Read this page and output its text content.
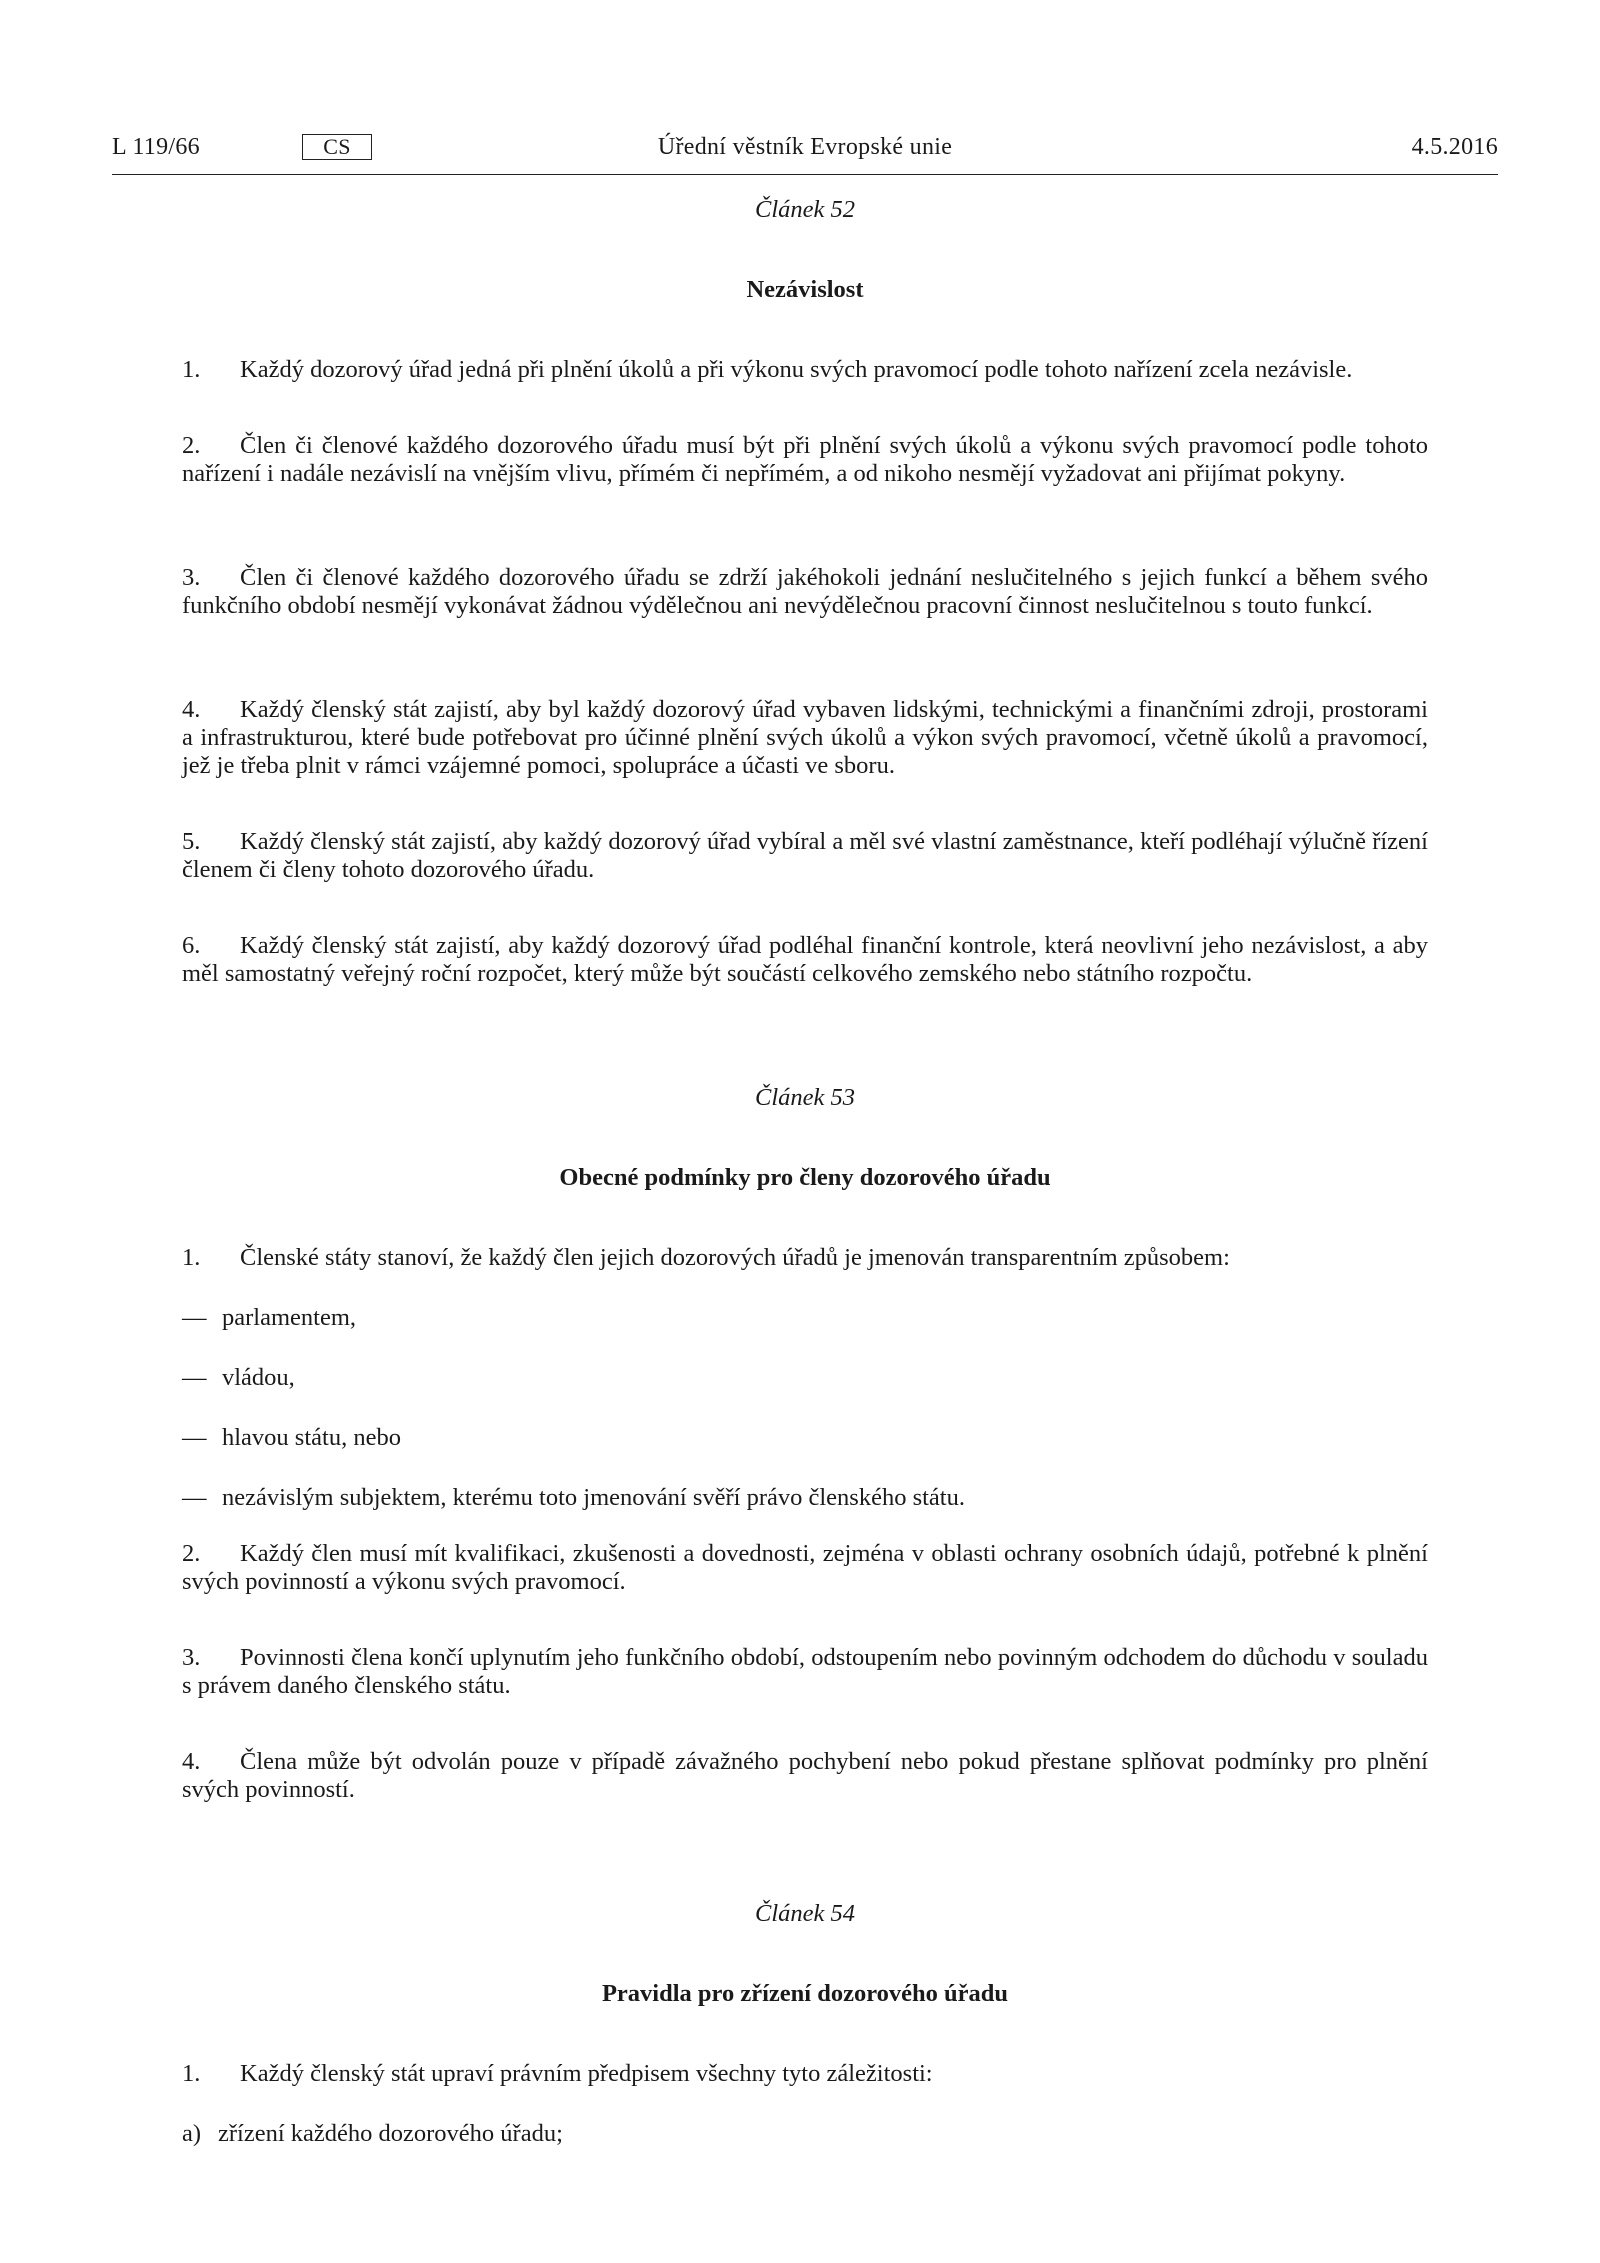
L 119/66	Úřední věstník Evropské unie
CS	4.5.2016

Článek 52

Nezávislost

1. Každý dozorový úřad jedná při plnění úkolů a při výkonu svých pravomocí podle tohoto nařízení zcela nezávisle.

2. Člen či členové každého dozorového úřadu musí být při plnění svých úkolů a výkonu svých pravomocí podle tohoto nařízení i nadále nezávislí na vnějším vlivu, přímém či nepřímém, a od nikoho nesmějí vyžadovat ani přijímat pokyny.

3. Člen či členové každého dozorového úřadu se zdrží jakéhokoli jednání neslučitelného s jejich funkcí a během svého funkčního období nesmějí vykonávat žádnou výdělečnou ani nevýdělečnou pracovní činnost neslučitelnou s touto funkcí.

4. Každý členský stát zajistí, aby byl každý dozorový úřad vybaven lidskými, technickými a finančními zdroji, prostorami a infrastrukturou, které bude potřebovat pro účinné plnění svých úkolů a výkon svých pravomocí, včetně úkolů a pravomocí, jež je třeba plnit v rámci vzájemné pomoci, spolupráce a účasti ve sboru.

5. Každý členský stát zajistí, aby každý dozorový úřad vybíral a měl své vlastní zaměstnance, kteří podléhají výlučně řízení členem či členy tohoto dozorového úřadu.

6. Každý členský stát zajistí, aby každý dozorový úřad podléhal finanční kontrole, která neovlivní jeho nezávislost, a aby měl samostatný veřejný roční rozpočet, který může být součástí celkového zemského nebo státního rozpočtu.

Článek 53

Obecné podmínky pro členy dozorového úřadu

1. Členské státy stanoví, že každý člen jejich dozorových úřadů je jmenován transparentním způsobem:

— parlamentem,

— vládou,

— hlavou státu, nebo

— nezávislým subjektem, kterému toto jmenování svěří právo členského státu.

2. Každý člen musí mít kvalifikaci, zkušenosti a dovednosti, zejména v oblasti ochrany osobních údajů, potřebné k plnění svých povinností a výkonu svých pravomocí.

3. Povinnosti člena končí uplynutím jeho funkčního období, odstoupením nebo povinným odchodem do důchodu v souladu s právem daného členského státu.

4. Člena může být odvolán pouze v případě závažného pochybení nebo pokud přestane splňovat podmínky pro plnění svých povinností.

Článek 54

Pravidla pro zřízení dozorového úřadu

1. Každý členský stát upraví právním předpisem všechny tyto záležitosti:

a) zřízení každého dozorového úřadu;
